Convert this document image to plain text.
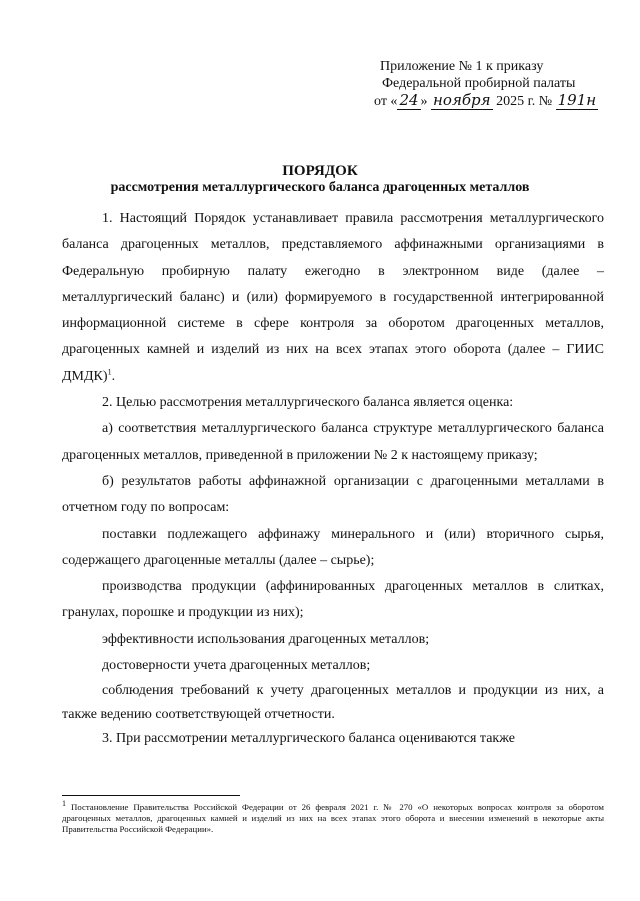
Приложение № 1 к приказу
Федеральной пробирной палаты
от « 24 » ноября 2025 г. № 191н
ПОРЯДОК
рассмотрения металлургического баланса драгоценных металлов

1. Настоящий Порядок устанавливает правила рассмотрения металлургического баланса драгоценных металлов, представляемого аффинажными организациями в Федеральную пробирную палату ежегодно в электронном виде (далее – металлургический баланс) и (или) формируемого в государственной интегрированной информационной системе в сфере контроля за оборотом драгоценных металлов, драгоценных камней и изделий из них на всех этапах этого оборота (далее – ГИИС ДМДК)$^1$.

2. Целью рассмотрения металлургического баланса является оценка:

а) соответствия металлургического баланса структуре металлургического баланса драгоценных металлов, приведенной в приложении № 2 к настоящему приказу;

б) результатов работы аффинажной организации с драгоценными металлами в отчетном году по вопросам:

поставки подлежащего аффинажу минерального и (или) вторичного сырья, содержащего драгоценные металлы (далее – сырье);

производства продукции (аффинированных драгоценных металлов в слитках, гранулах, порошке и продукции из них);

эффективности использования драгоценных металлов;

достоверности учета драгоценных металлов;

соблюдения требований к учету драгоценных металлов и продукции из них, а также ведению соответствующей отчетности.

3. При рассмотрении металлургического баланса оцениваются также

$^1$ Постановление Правительства Российской Федерации от 26 февраля 2021 г. № 270 «О некоторых вопросах контроля за оборотом драгоценных металлов, драгоценных камней и изделий из них на всех этапах этого оборота и внесении изменений в некоторые акты Правительства Российской Федерации».
